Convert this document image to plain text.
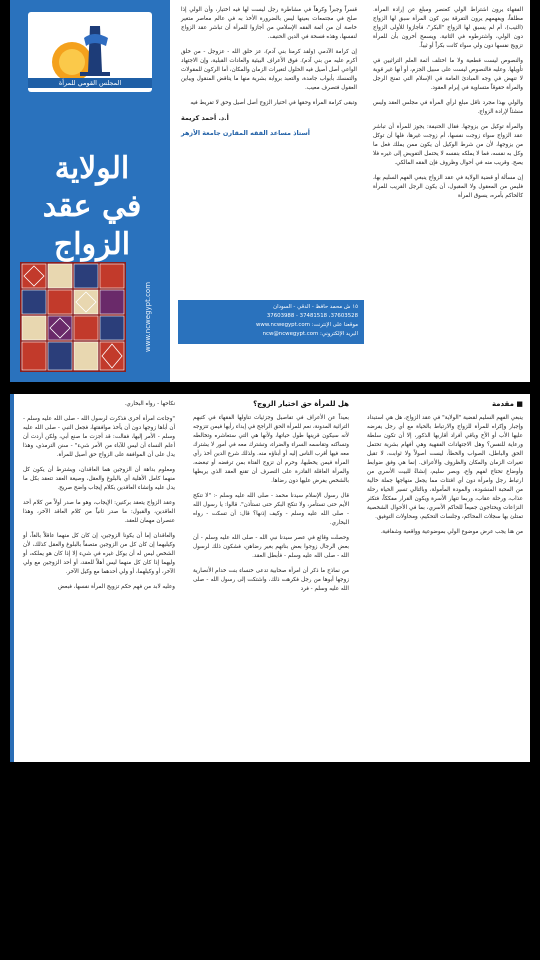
المجلس القومي للمرأة
الولاية
في عقد
الزواج
www.ncwegypt.com

قسراً وجبراً وكرهاً في مشاطرة رجل ليست لها فيه اختيار، وأن الولي إذا صلح في مجتمعات بعينها ليس بالضرورة الأخذ به في عالم معاصر متغير خاصة أن من أئمة الفقه الإسلامي من أجازوا للمرأة أن تباشر عقد الزواج لنفسها، وهذه فسحة في الدين الحنيف.

إن كرامة الآدمي (ولقد كرمنا بني آدم)، عز خلق الله - عزوجل - من خلق أكرم عليه من بني آدم). فوق الأعراف البيئية والعادات القبلية، وإن الاجتهاد الواعي أصل أصيل فيه الحلول لتغيرات الزمان والمكان، أما الركون للمقولات والتمسك بأبواب جامدة، والتعبد بروابة بشرية منها ما يناقض المنقول ويباين العقول فتصرف معيب.

وتبقى كرامة المرأة وحقها في اختيار الزوج أصل أصيل وحق لا تفريط فيه

أ.د. أحمد كريمة

أستاذ مساعد الفقه المقارن جامعة الأزهر

١٥ ش محمد حافظ - الدقي - السودان
37603528، 37481518 - 37603988
موقعنا على الإنترنت: www.ncwegypt.com
البريد الإلكتروني: ncw@ncwegypt.com

الفقهاء يرون اشتراط الولي كعنصر ومبلغ عن إرادة المرأة. مطلقاً، ويفهمهم يرون التفرقة بين كون المرأة سبق لها الزواج (الثيب)، أم لم يسبق لها الزواج "البكر"، فأجازوا للأولى الزواج دون الولي، واشترطوه في الثانية. ويسمح أخرون بأن للمرأة تزويج نفسها دون ولي سواء كانت بكراً أو ثيباً.

والنصوص ليست قطعية ولا ما اختلف أئمة العلم التراثيين في تأويلها. وعليه فالنصوص ليست على سبيل الجزم، أو أنها غير قوية لا تنهض في وجه المبادئ العامة في الإسلام التي تمنح الرجل والمرأة حقوقاً متساوية في إبرام العقود.

والولي بهذا مجرد ناقل مبلغ لرأي المرأة في مجلس العقد وليس منشئاً لإرادة الزواج.

والمرأة توكيل من يزوجها. فقال الحنيفة: يجوز للمرأة أن تباشر عقد الزواج سواء زوجت نفسها، أم زوجت غيرها، فلها أن توكل من يزوجها، لأن من شرط الوكيل أن يكون ممن يملك فعل ما وكل به نفسه، فما لا يملكه بنفسه لا يحتمل التفويض إلى غيره فلا يصح. وقريب منه في أحوال وظروف فإن الفقه المالكي.

إن مسألة أو قضية الولاية في عقد الزواج ينبغي الفهم السليم بها، فليس من المعقول ولا المقبول، أن يكون الرجل القريب للمرأة كالحاكم بأمره، يسوق المرأة

نكاحها - رواه البخاري.

"وجاءت امرأة أخرى فذكرت لرسول الله - صلى الله عليه وسلم - أن أباها زوجها دون أن يأخذ موافقتها، فجعل النبي - صلى الله عليه وسلم - الأمر إليها، فقالت: قد أجزت ما صنع أبي، ولكن أردت أن أعلم النساء أن ليس للآباء من الأمر شيء" - سنن الترمذي، وهذا يدل على أن الموافقة على الزواج حق أصيل للمرأة.

ومعلوم بداهة أن الزوجين هما العاقدان، ويشترط أن يكون كل منهما كامل الأهلية أي بالبلوغ والعقل، وصيغة العقد تتعقد بكل ما يدل عليه وإنشاء العاقدين بكلام إيجاب واضح صريح.

وعقد الزواج يتعقد بركنين: الإيجاب، وهو ما صدر أولاً من كلام أحد العاقدين، والقبول: ما صدر ثانياً من كلام العاقد الآخر، وهذا عنصران مهمان للعقد.

والعاقدان إما أن يكونا الزوجين، إن كان كل منهما عاقلاً بالغاً، أو وكيليهما إن كان كل من الزوجين متصفاً بالبلوغ والعقل كذلك، لأن الشخص ليس له أن يوكل غيره في شيء إلا إذا كان هو يملكه، أو وليهما إذا كان كل منهما ليس أهلاً للعقد، أو أحد الزوجين مع ولي الآخر، أو وكيلهما، أو ولي أحدهما مع وكيل الآخر.

وعليه لابد من فهم حكم تزويج المرأة نفسها، فبعض

هل للمرأة حق اختيار الزوج؟

بعيداً عن الأعراف في تفاصيل وجزئيات تناولها الفقهاء في كتبهم التراثية المدونة، نعم للمرأة الحق الراجح في إبداء رأيها فيمن تتزوجه لأنه سيكون قرينها طول حياتها، ولأنها هي التي ستعاشره وتخالطه وتساكنه وتقاسمه السراء والضراء، وتشترك معه في أمور لا يشترك معه فيها أقرب الناس إليه أو أبناؤه منه. ولذلك شرع الدين أخذ رأي المرأة فيمن يخطبها، وحرم أن تزوج الفتاة بمن ترفضه أو تبغضه، والمرأة العاقلة القادرة على التصرف أن تقنع العقد الذي يربطها بالشخص يفرض عليها دون رضاها.

قال رسول الإسلام سيدنا محمد - صلى الله عليه وسلم -: "لا تنكح الأيم حتى تستأمر، ولا تنكح البكر حتى تستأذن". قالوا: يا رسول الله - صلى الله عليه وسلم - وكيف إذنها؟ قال: أن تسكت - رواه البخاري.

وحصلت وقائع في عصر سيدنا نبي الله - صلى الله عليه وسلم - أن بعض الرجال زوجوا بعض بناتهم بغير رضاهن، فشكون ذلك لرسول الله - صلى الله عليه وسلم - فأبطل العقد.

من نماذج ما ذكر أن امرأة صحابية تدعى خنساء بنت خدام الأنصارية زوجها أبوها من رجل فكرهت ذلك، واشتكت إلى رسول الله - صلى الله عليه وسلم - فرد

■ مقدمة

ينبغي الفهم السليم لقضية "الولاية" في عقد الزواج، هل هي استبداد وإجبار وإكراه للمرأة للزواج والارتباط بالحياة مع أي رجل يفرضه عليها الأب أو الأخ وباقي أفراد أقاربها الذكور، إلا أن تكون سلطة ورعاية للنفس؟ وهل الاجتهادات الفقهية وهي أفهام بشرية تحتمل الحق والباطل، الصواب والخطأ، ليست أصولاً ولا ثوابت، لا تقبل تغيرات الزمان والمكان والظروف والأعراف. إنما هي وفق ضوابط وأوضاع تحتاج لفهم واع، وبصر سليم، إنشاءً للبيت الأسري من ارتباط رجل وامرأة دون أي افتئات مما يجعل منهاجها جملة خالية من المحبة المنشودة، والمودة المأمولة، وبالتالي تسير الحياة رحلة عذاب، ورحلة عقاب، وربما تنهار الأسرة ويكون القرار مفككاً، فتكثر النزاعات ويحتاجون جميعاً للحاكم الأسري، بما في الأحوال الشخصية تمتلئ بها سجلات المحاكم، وجلسات التحكيم، ومحاولات التوفيق.

من هنا يجب عرض موضوع الولي بموضوعية وواقعية وشفافية.
